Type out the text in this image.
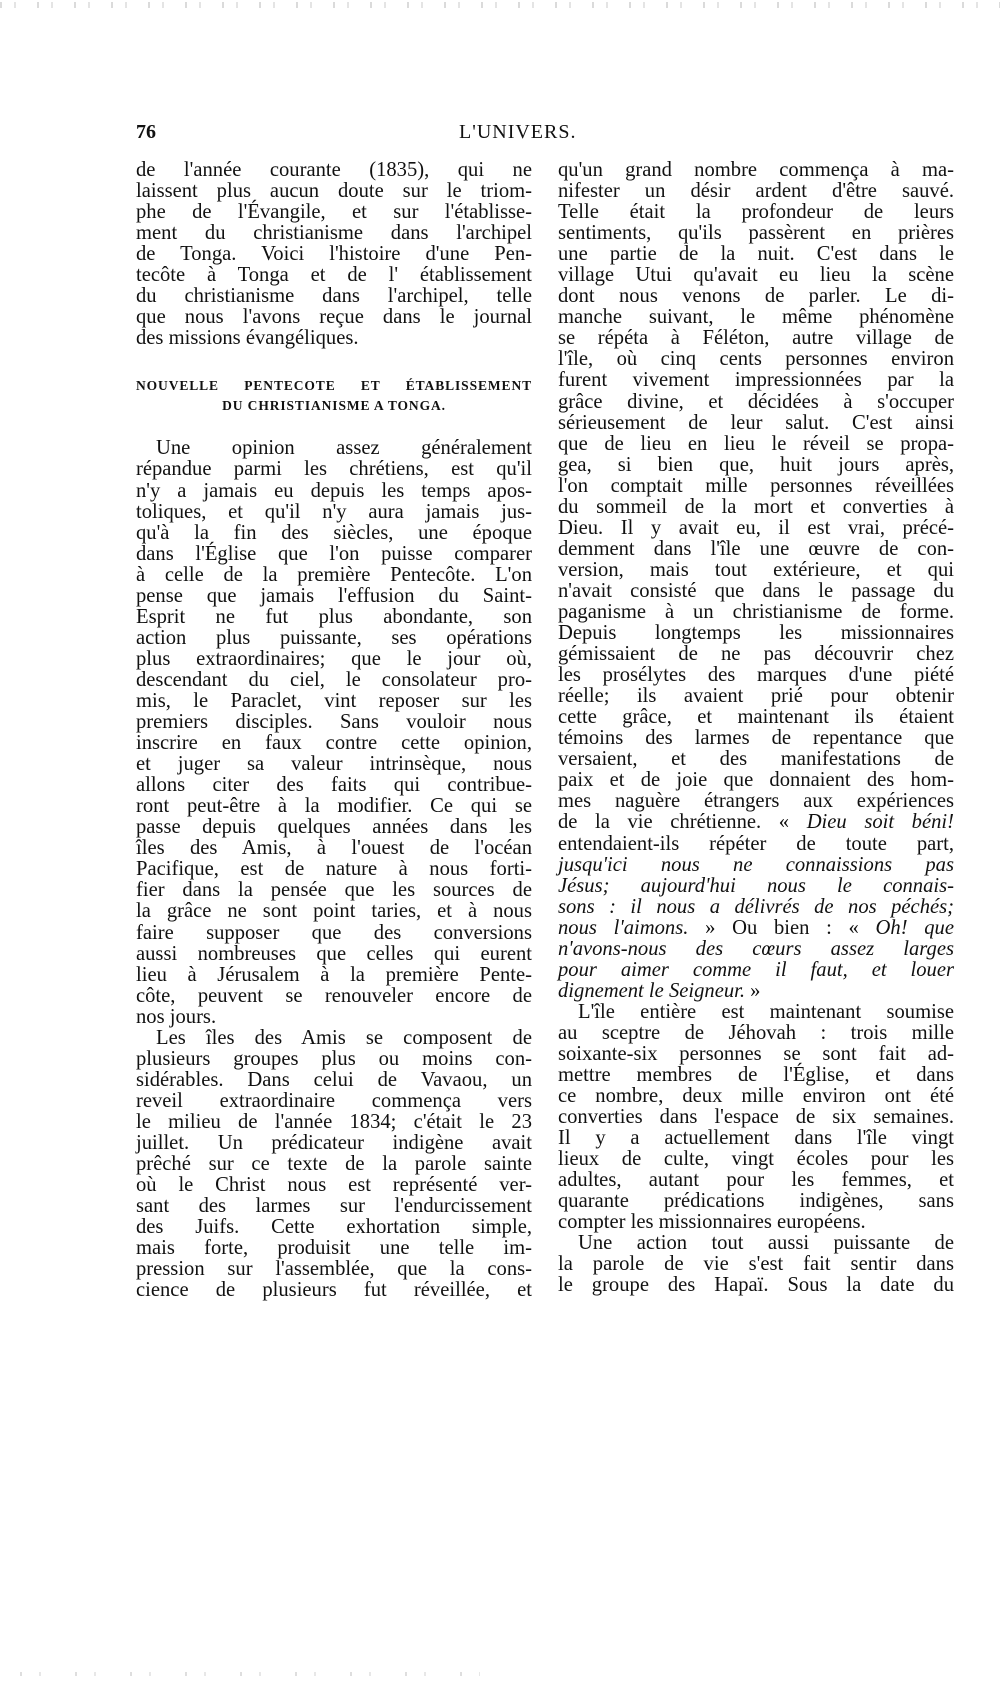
76	L'UNIVERS.
de l'année courante (1835), qui ne
laissent plus aucun doute sur le triom-
phe de l'Évangile, et sur l'établisse-
ment du christianisme dans l'archipel
de Tonga. Voici l'histoire d'une Pen-
tecôte à Tonga et de l' établissement
du christianisme dans l'archipel, telle
que nous l'avons reçue dans le journal
des missions évangéliques.
NOUVELLE PENTECOTE ET ÉTABLISSEMENT
DU CHRISTIANISME A TONGA.
Une opinion assez généralement
répandue parmi les chrétiens, est qu'il
n'y a jamais eu depuis les temps apos-
toliques, et qu'il n'y aura jamais jus-
qu'à la fin des siècles, une époque
dans l'Église que l'on puisse comparer
à celle de la première Pentecôte. L'on
pense que jamais l'effusion du Saint-
Esprit ne fut plus abondante, son
action plus puissante, ses opérations
plus extraordinaires; que le jour où,
descendant du ciel, le consolateur pro-
mis, le Paraclet, vint reposer sur les
premiers disciples. Sans vouloir nous
inscrire en faux contre cette opinion,
et juger sa valeur intrinsèque, nous
allons citer des faits qui contribue-
ront peut-être à la modifier. Ce qui se
passe depuis quelques années dans les
îles des Amis, à l'ouest de l'océan
Pacifique, est de nature à nous forti-
fier dans la pensée que les sources de
la grâce ne sont point taries, et à nous
faire supposer que des conversions
aussi nombreuses que celles qui eurent
lieu à Jérusalem à la première Pente-
côte, peuvent se renouveler encore de
nos jours.
Les îles des Amis se composent de
plusieurs groupes plus ou moins con-
sidérables. Dans celui de Vavaou, un
reveil extraordinaire commença vers
le milieu de l'année 1834; c'était le 23
juillet. Un prédicateur indigène avait
prêché sur ce texte de la parole sainte
où le Christ nous est représenté ver-
sant des larmes sur l'endurcissement
des Juifs. Cette exhortation simple,
mais forte, produisit une telle im-
pression sur l'assemblée, que la cons-
cience de plusieurs fut réveillée, et
qu'un grand nombre commença à ma-
nifester un désir ardent d'être sauvé.
Telle était la profondeur de leurs
sentiments, qu'ils passèrent en prières
une partie de la nuit. C'est dans le
village Utui qu'avait eu lieu la scène
dont nous venons de parler. Le di-
manche suivant, le même phénomène
se répéta à Féléton, autre village de
l'île, où cinq cents personnes environ
furent vivement impressionnées par la
grâce divine, et décidées à s'occuper
sérieusement de leur salut. C'est ainsi
que de lieu en lieu le réveil se propa-
gea, si bien que, huit jours après,
l'on comptait mille personnes réveillées
du sommeil de la mort et converties à
Dieu. Il y avait eu, il est vrai, précé-
demment dans l'île une œuvre de con-
version, mais tout extérieure, et qui
n'avait consisté que dans le passage du
paganisme à un christianisme de forme.
Depuis longtemps les missionnaires
gémissaient de ne pas découvrir chez
les prosélytes des marques d'une piété
réelle; ils avaient prié pour obtenir
cette grâce, et maintenant ils étaient
témoins des larmes de repentance que
versaient, et des manifestations de
paix et de joie que donnaient des hom-
mes naguère étrangers aux expériences
de la vie chrétienne. « Dieu soit béni!
entendaient-ils répéter de toute part,
jusqu'ici nous ne connaissions pas
Jésus; aujourd'hui nous le connais-
sons : il nous a délivrés de nos péchés;
nous l'aimons. » Ou bien : « Oh! que
n'avons-nous des cœurs assez larges
pour aimer comme il faut, et louer
dignement le Seigneur. »
L'île entière est maintenant soumise
au sceptre de Jéhovah : trois mille
soixante-six personnes se sont fait ad-
mettre membres de l'Église, et dans
ce nombre, deux mille environ ont été
converties dans l'espace de six semaines.
Il y a actuellement dans l'île vingt
lieux de culte, vingt écoles pour les
adultes, autant pour les femmes, et
quarante prédications indigènes, sans
compter les missionnaires européens.
Une action tout aussi puissante de
la parole de vie s'est fait sentir dans
le groupe des Hapaï. Sous la date du
